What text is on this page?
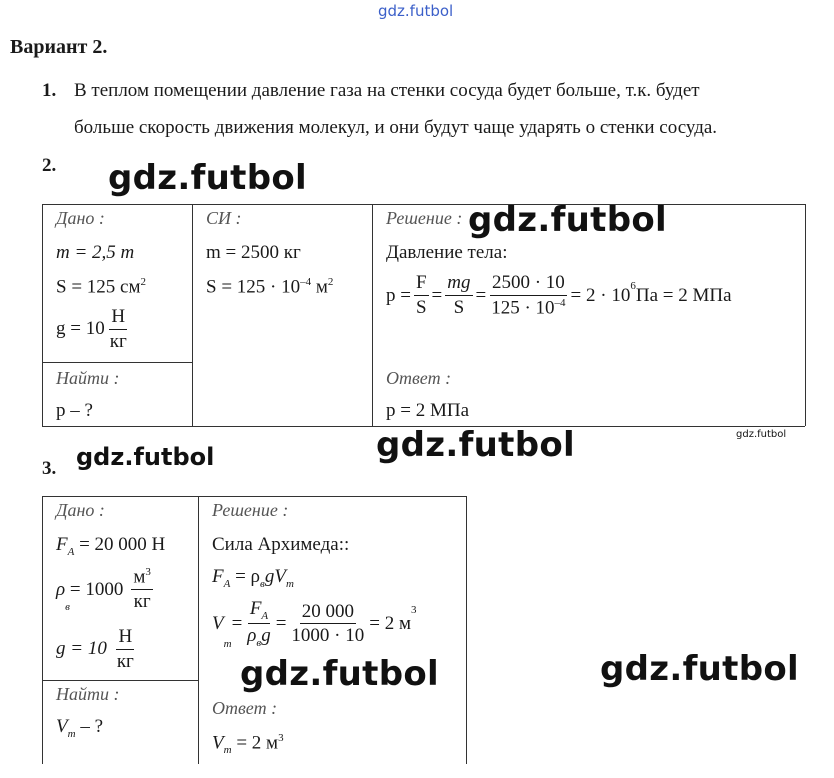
gdz.futbol
Вариант 2.
1. В теплом помещении давление газа на стенки сосуда будет больше, т.к. будет
больше скорость движения молекул, и они будут чаще ударять о стенки сосуда.
2. gdz.futbol
Дано :
m = 2,5 т
S = 125 $см^2$
$g = 10 \frac{Н}{кг}$
Найти :
p – ?
СИ :
m = 2500 кг
$S = 125 \cdot 10^{-4}$ $м^2$
Решение : gdz.futbol
Давление тела:
$p = \frac{F}{S} = \frac{mg}{S} = \frac{2500 \cdot 10}{125 \cdot 10^{-4}} = 2 \cdot 10^6$ Па = 2 МПа
Ответ :
p = 2 МПа
gdz.futbol
gdz.futbol
3. gdz.futbol
Дано :
$F_A = 20$ 000 Н
ρ
в
= $1000 \frac{м^3}{кг}$
$g = 10 \frac{Н}{кг}$
Найти :
$V_т$ – ?
Решение :
Сила Архимеда::
$F_A = \rho_вgV_т$
V
т
= $\frac{F_A}{\rho_вg} = \frac{20 000}{1000 \cdot 10} = 2$ м
$^3$
gdz.futbol
Ответ :
$V_т = 2$ $м^3$
gdz.futbol
